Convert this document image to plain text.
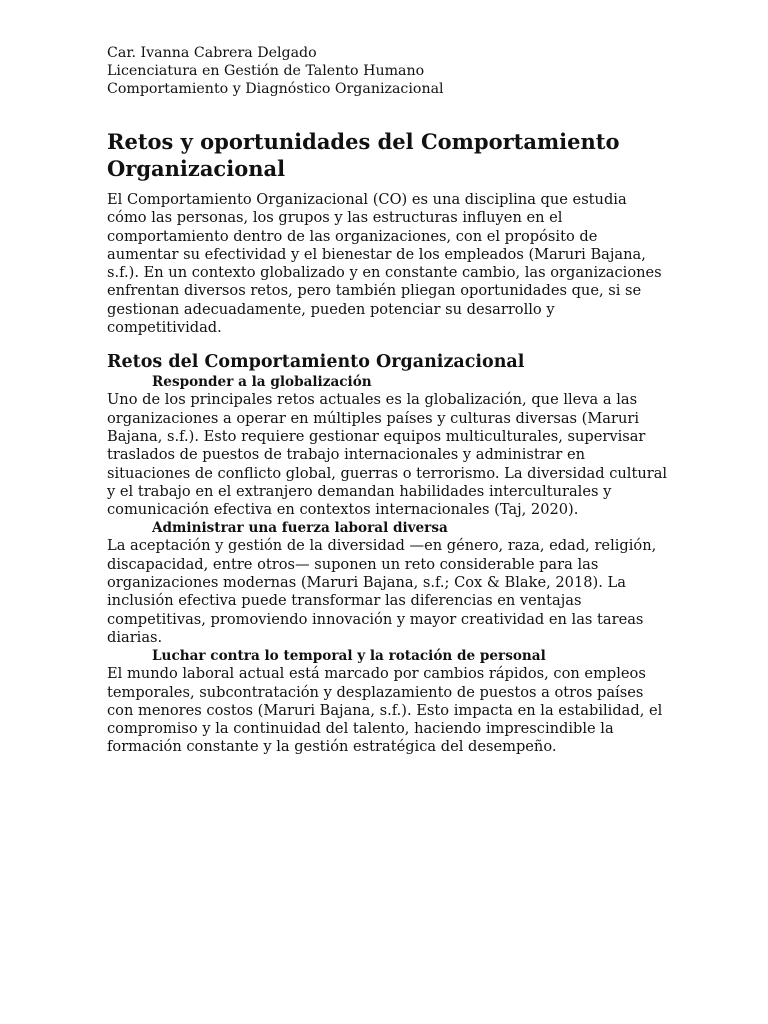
Car. Ivanna Cabrera Delgado

Licenciatura en Gestión de Talento Humano

Comportamiento y Diagnóstico Organizacional

Retos y oportunidades del Comportamiento Organizacional

El Comportamiento Organizacional (CO) es una disciplina que estudia cómo las personas, los grupos y las estructuras influyen en el comportamiento dentro de las organizaciones, con el propósito de aumentar su efectividad y el bienestar de los empleados (Maruri Bajana, s.f.). En un contexto globalizado y en constante cambio, las organizaciones enfrentan diversos retos, pero también pliegan oportunidades que, si se gestionan adecuadamente, pueden potenciar su desarrollo y competitividad.

Retos del Comportamiento Organizacional
Responder a la globalización

Uno de los principales retos actuales es la globalización, que lleva a las organizaciones a operar en múltiples países y culturas diversas (Maruri Bajana, s.f.). Esto requiere gestionar equipos multiculturales, supervisar traslados de puestos de trabajo internacionales y administrar en situaciones de conflicto global, guerras o terrorismo. La diversidad cultural y el trabajo en el extranjero demandan habilidades interculturales y comunicación efectiva en contextos internacionales (Taj, 2020).

Administrar una fuerza laboral diversa

La aceptación y gestión de la diversidad —en género, raza, edad, religión, discapacidad, entre otros— suponen un reto considerable para las organizaciones modernas (Maruri Bajana, s.f.; Cox & Blake, 2018). La inclusión efectiva puede transformar las diferencias en ventajas competitivas, promoviendo innovación y mayor creatividad en las tareas diarias.

Luchar contra lo temporal y la rotación de personal

El mundo laboral actual está marcado por cambios rápidos, con empleos temporales, subcontratación y desplazamiento de puestos a otros países con menores costos (Maruri Bajana, s.f.). Esto impacta en la estabilidad, el compromiso y la continuidad del talento, haciendo imprescindible la formación constante y la gestión estratégica del desempeño.
